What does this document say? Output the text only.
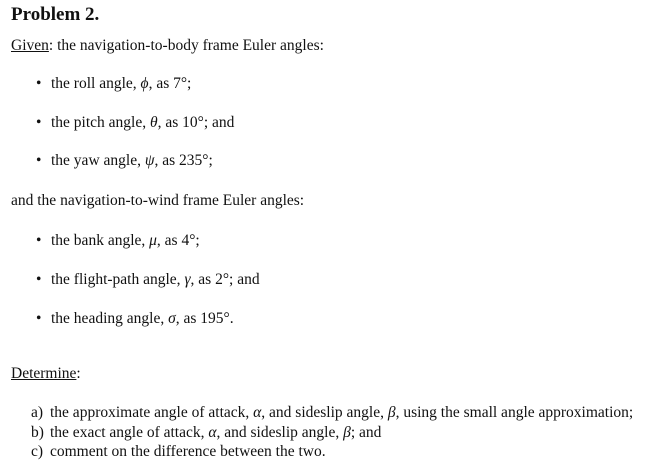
Problem 2.
Given: the navigation-to-body frame Euler angles:
• the roll angle, ϕ, as 7°;
• the pitch angle, θ, as 10°; and
• the yaw angle, ψ, as 235°;
and the navigation-to-wind frame Euler angles:
• the bank angle, μ, as 4°;
• the flight-path angle, γ, as 2°; and
• the heading angle, σ, as 195°.
Determine:
a) the approximate angle of attack, α, and sideslip angle, β, using the small angle approximation;
b) the exact angle of attack, α, and sideslip angle, β; and
c) comment on the difference between the two.
